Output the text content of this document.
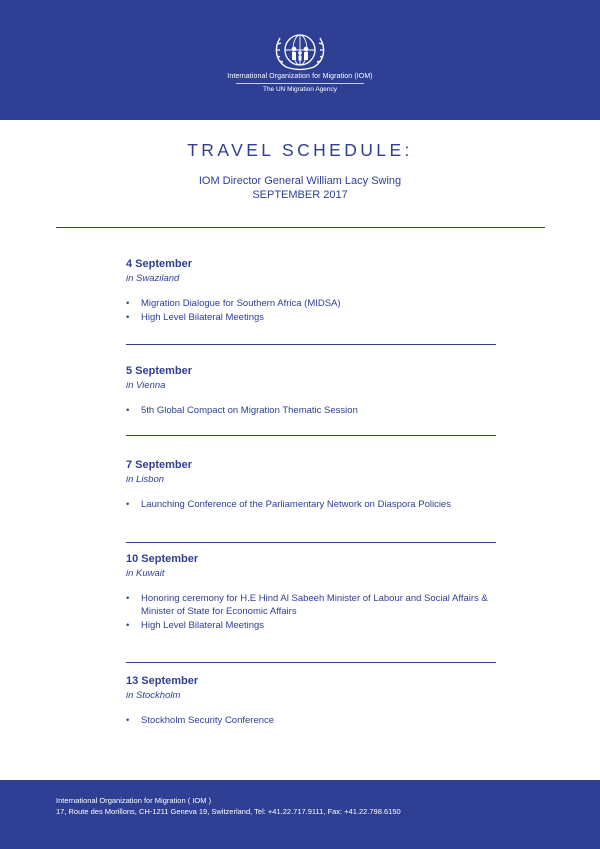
International Organization for Migration (IOM)
The UN Migration Agency
TRAVEL SCHEDULE:
IOM Director General William Lacy Swing
SEPTEMBER 2017
4 September
in Swaziland
• Migration Dialogue for Southern Africa (MIDSA)
• High Level Bilateral Meetings
5 September
in Vienna
• 5th Global Compact on Migration Thematic Session
7 September
in Lisbon
• Launching Conference of the Parliamentary Network on Diaspora Policies
10 September
in Kuwait
• Honoring ceremony for H.E Hind Al Sabeeh Minister of Labour and Social Affairs & Minister of State for Economic Affairs
• High Level Bilateral Meetings
13 September
in Stockholm
• Stockholm Security Conference
International Organization for Migration ( IOM )
17, Route des Morillons, CH-1211 Geneva 19, Switzerland, Tel: +41.22.717.9111, Fax: +41.22.798.6150
